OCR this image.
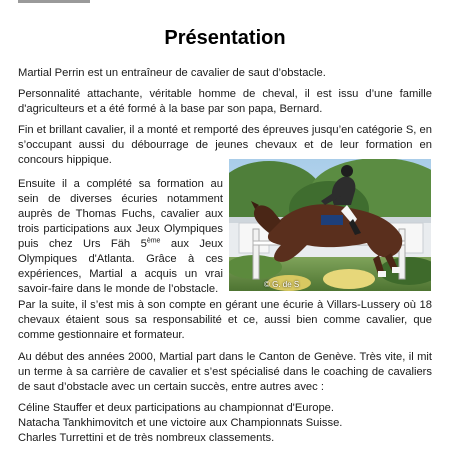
Présentation

Martial Perrin est un entraîneur de cavalier de saut d’obstacle.

Personnalité attachante, véritable homme de cheval, il est issu d’une famille d'agriculteurs et a été formé à la base par son papa, Bernard.

Fin et brillant cavalier, il a monté et remporté des épreuves jusqu’en catégorie S, en s’occupant aussi du débourrage de jeunes chevaux et de leur formation en concours hippique.

Ensuite il a complété sa formation au sein de diverses écuries notamment auprès de Thomas Fuchs, cavalier aux trois participations aux Jeux Olympiques puis chez Urs Fäh 5ème aux Jeux Olympiques d'Atlanta. Grâce à ces expériences, Martial a acquis un vrai savoir-faire dans le monde de l’obstacle.	© G. de S

Par la suite, il s’est mis à son compte en gérant une écurie à Villars-Lussery où 18 chevaux étaient sous sa responsabilité et ce, aussi bien comme cavalier, que comme gestionnaire et formateur.

Au début des années 2000, Martial part dans le Canton de Genève. Très vite, il mit un terme à sa carrière de cavalier et s’est spécialisé dans le coaching de cavaliers de saut d’obstacle avec un certain succès, entre autres avec :

Céline Stauffer et deux participations au championnat d'Europe.
Natacha Tankhimovitch et une victoire aux Championnats Suisse.
Charles Turrettini et de très nombreux classements.
